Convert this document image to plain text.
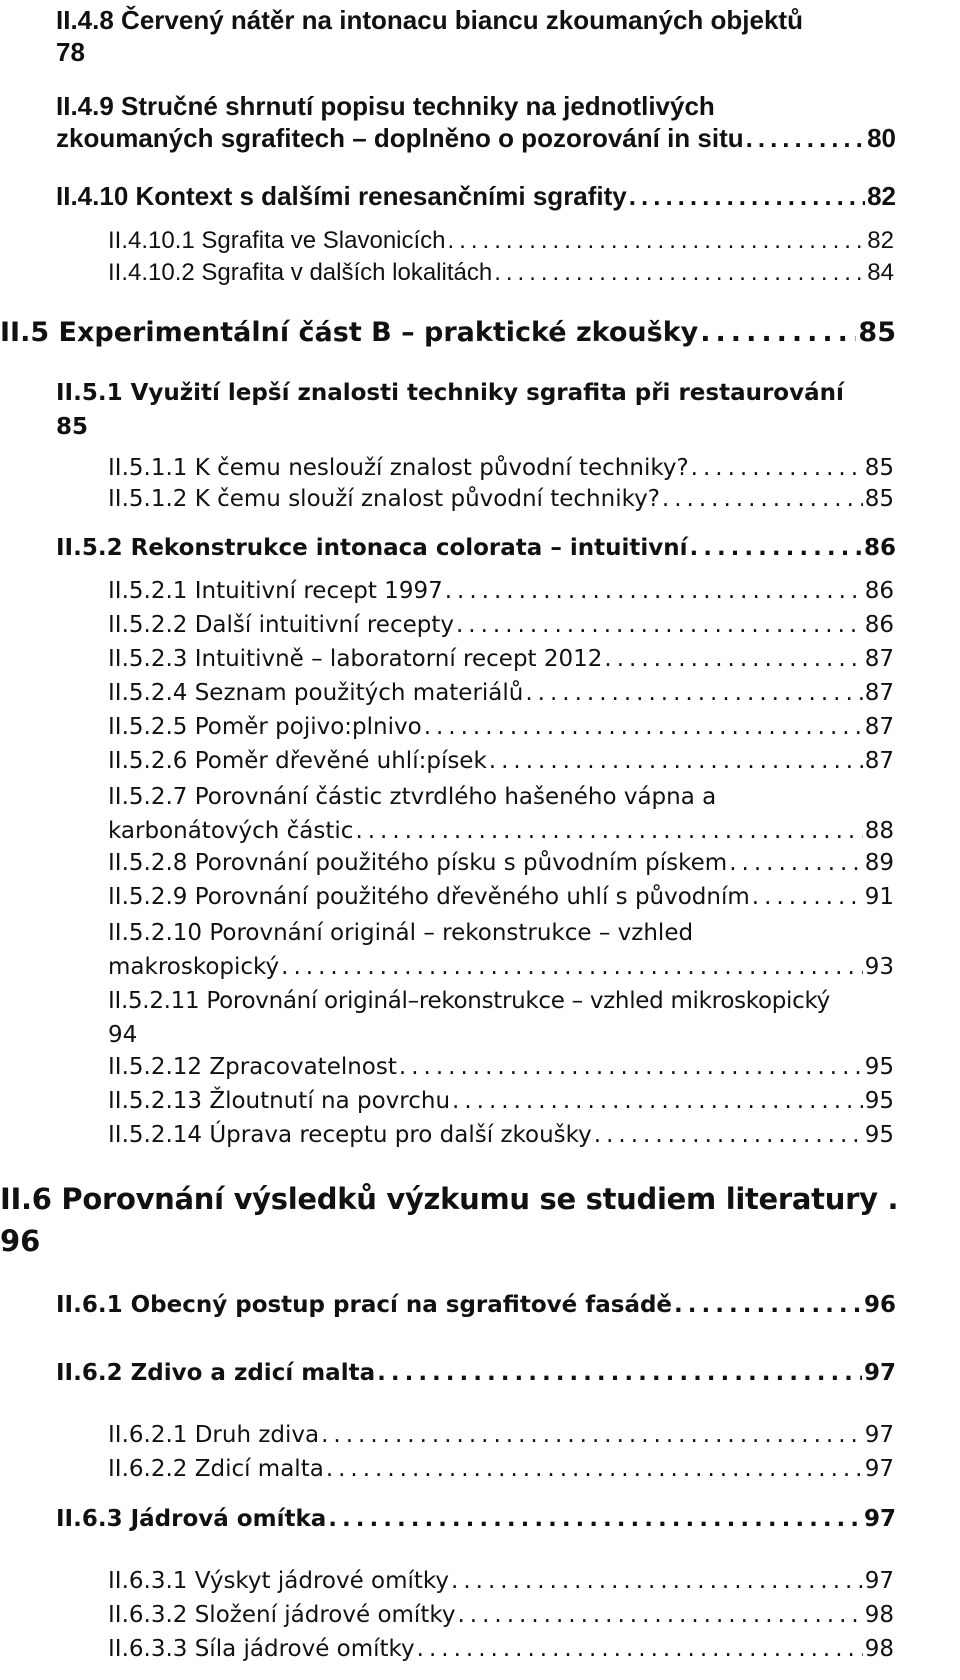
II.4.8 Červený nátěr na intonacu biancu zkoumaných objektů
78
II.4.9 Stručné shrnutí popisu techniky na jednotlivých
zkoumaných sgrafitech – doplněno o pozorování in situ .....	80
II.4.10 Kontext s dalšími renesančními sgrafity .....	82
II.4.10.1 Sgrafita ve Slavonicích .....	82
II.4.10.2 Sgrafita v dalších lokalitách .....	84
II.5 Experimentální část B – praktické zkoušky .....	85
II.5.1 Využití lepší znalosti techniky sgrafita při restaurování
85
II.5.1.1 K čemu neslouží znalost původní techniky? .....	85
II.5.1.2 K čemu slouží znalost původní techniky? .....	85
II.5.2 Rekonstrukce intonaca colorata – intuitivní .....	86
II.5.2.1 Intuitivní recept 1997 .....	86
II.5.2.2 Další intuitivní recepty .....	86
II.5.2.3 Intuitivně – laboratorní recept 2012 .....	87
II.5.2.4 Seznam použitých materiálů .....	87
II.5.2.5 Poměr pojivo:plnivo .....	87
II.5.2.6 Poměr dřevěné uhlí:písek .....	87
II.5.2.7 Porovnání částic ztvrdlého hašeného vápna a
karbonátových částic .....	88
II.5.2.8 Porovnání použitého písku s původním pískem .....	89
II.5.2.9 Porovnání použitého dřevěného uhlí s původním .....	91
II.5.2.10 Porovnání originál – rekonstrukce – vzhled
makroskopický .....	93
II.5.2.11 Porovnání originál–rekonstrukce – vzhled mikroskopický
94
II.5.2.12 Zpracovatelnost .....	95
II.5.2.13 Žloutnutí na povrchu .....	95
II.5.2.14 Úprava receptu pro další zkoušky .....	95
II.6 Porovnání výsledků výzkumu se studiem literatury .
96
II.6.1 Obecný postup prací na sgrafitové fasádě .....	96
II.6.2 Zdivo a zdicí malta .....	97
II.6.2.1 Druh zdiva .....	97
II.6.2.2 Zdicí malta .....	97
II.6.3 Jádrová omítka .....	97
II.6.3.1 Výskyt jádrové omítky .....	97
II.6.3.2 Složení jádrové omítky .....	98
II.6.3.3 Síla jádrové omítky .....	98
